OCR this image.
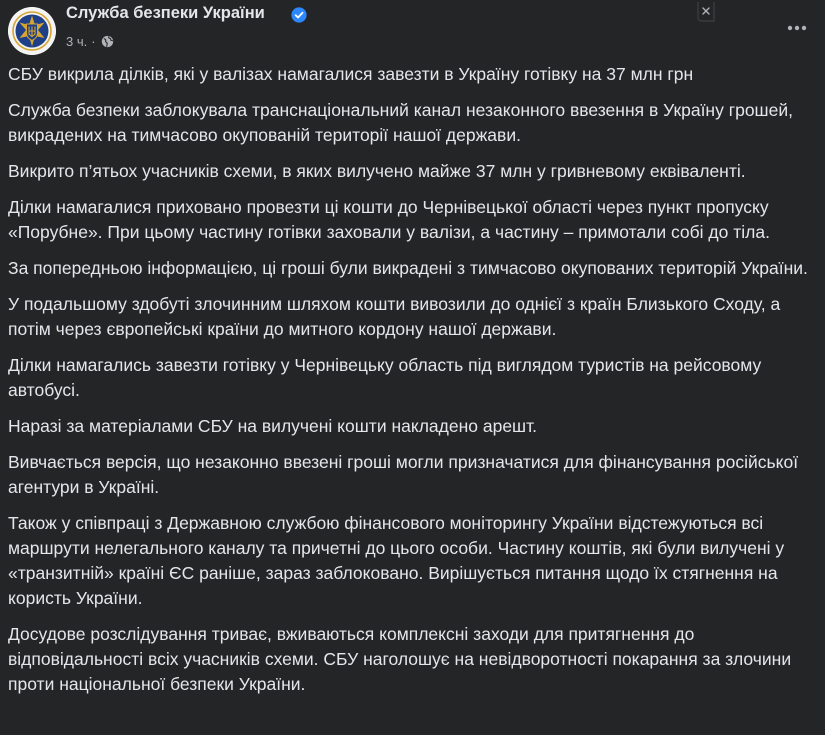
Служба безпеки України
3 ч. ·

СБУ викрила ділків, які у валізах намагалися завезти в Україну готівку на 37 млн грн

Служба безпеки заблокувала транснаціональний канал незаконного ввезення в Україну грошей, викрадених на тимчасово окупованій території нашої держави.

Викрито п’ятьох учасників схеми, в яких вилучено майже 37 млн у гривневому еквіваленті.

Ділки намагалися приховано провезти ці кошти до Чернівецької області через пункт пропуску «Порубне». При цьому частину готівки заховали у валізи, а частину – примотали собі до тіла.

За попередньою інформацією, ці гроші були викрадені з тимчасово окупованих територій України.

У подальшому здобуті злочинним шляхом кошти вивозили до однієї з країн Близького Сходу, а потім через європейські країни до митного кордону нашої держави.

Ділки намагались завезти готівку у Чернівецьку область під виглядом туристів на рейсовому автобусі.

Наразі за матеріалами СБУ на вилучені кошти накладено арешт.

Вивчається версія, що незаконно ввезені гроші могли призначатися для фінансування російської агентури в Україні.

Також у співпраці з Державною службою фінансового моніторингу України відстежуються всі маршрути нелегального каналу та причетні до цього особи. Частину коштів, які були вилучені у «транзитній» країні ЄС раніше, зараз заблоковано. Вирішується питання щодо їх стягнення на користь України.

Досудове розслідування триває, вживаються комплексні заходи для притягнення до відповідальності всіх учасників схеми. СБУ наголошує на невідворотності покарання за злочини проти національної безпеки України.
